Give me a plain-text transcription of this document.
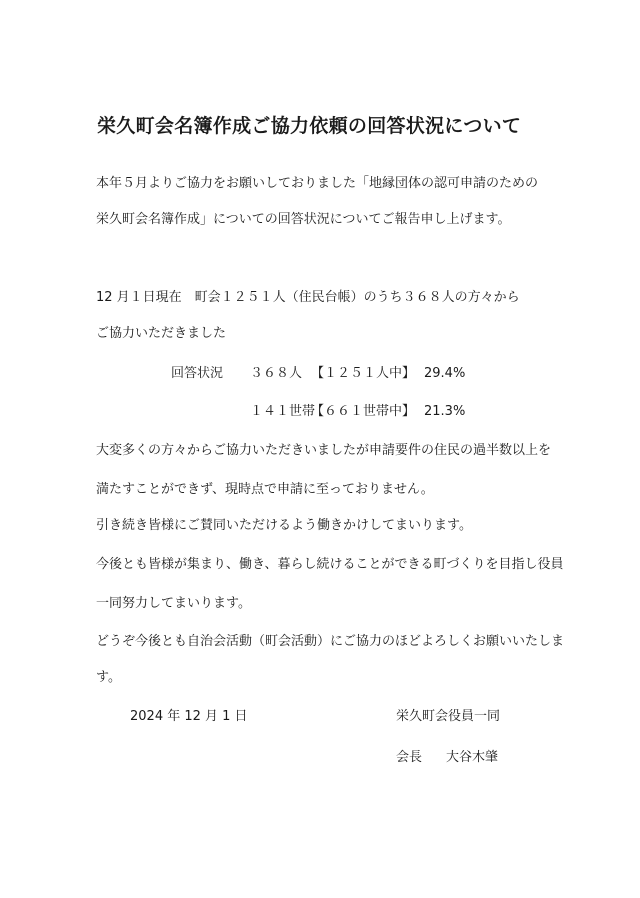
栄久町会名簿作成ご協力依頼の回答状況について
本年５月よりご協力をお願いしておりました「地縁団体の認可申請のための
栄久町会名簿作成」についての回答状況についてご報告申し上げます。
12 月１日現在　町会１２５１人（住民台帳）のうち３６８人の方々から
ご協力いただきました
回答状況 ３６８人 【１２５１人中】 29.4%
１４１世帯
【６６１世帯中】 21.3%
大変多くの方々からご協力いただきいましたが申請要件の住民の過半数以上を
満たすことができず、現時点で申請に至っておりません。
引き続き皆様にご賛同いただけるよう働きかけしてまいります。
今後とも皆様が集まり、働き、暮らし続けることができる町づくりを目指し役員
一同努力してまいります。
どうぞ今後とも自治会活動（町会活動）にご協力のほどよろしくお願いいたしま
す。
2024 年 12 月 1 日	栄久町会役員一同
会長 大谷木肇
